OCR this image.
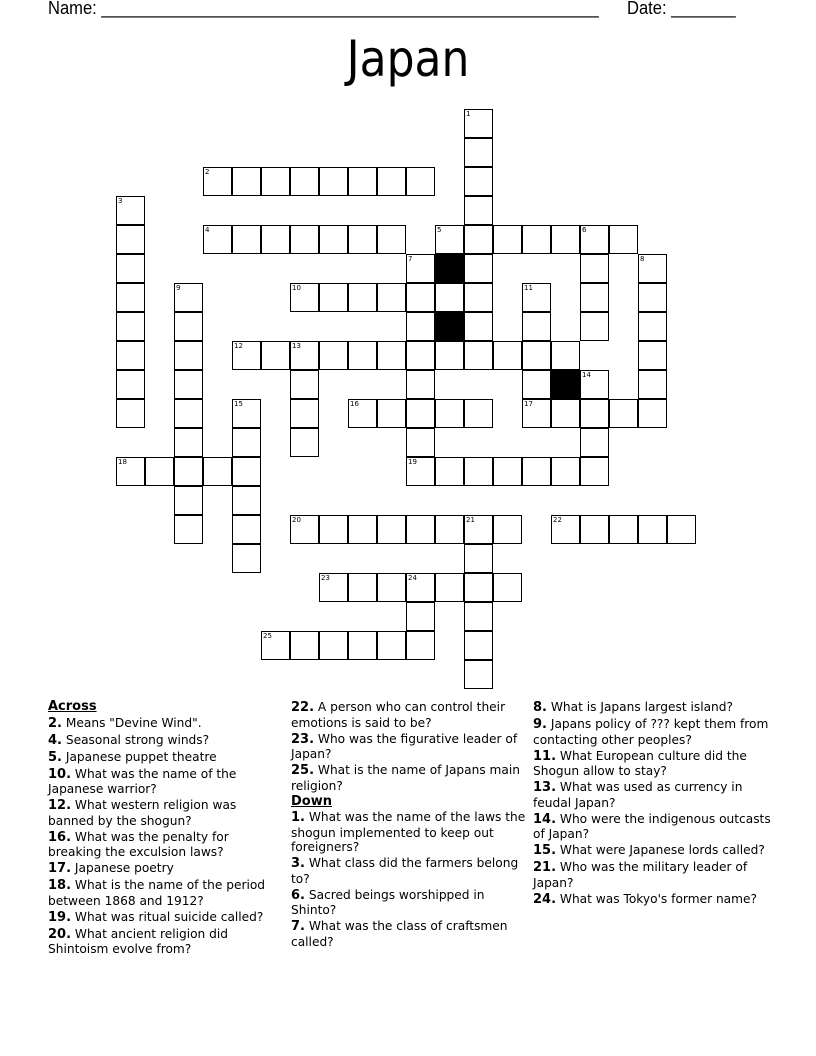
Name: ______________________________________________________ Date: _______
Japan
1
2
3
4	5	6
7
19
8
9	10	11
17
12	13
14
15	16
18
20	21	22
23	24
25
Across
2. Means "Devine Wind".
4. Seasonal strong winds?
5. Japanese puppet theatre
10. What was the name of the Japanese warrior?
12. What western religion was banned by the shogun?
16. What was the penalty for breaking the exculsion laws?
17. Japanese poetry
18. What is the name of the period between 1868 and 1912?
19. What was ritual suicide called?
20. What ancient religion did Shintoism evolve from?
22. A person who can control their emotions is said to be?
23. Who was the figurative leader of Japan?
25. What is the name of Japans main religion?
Down
1. What was the name of the laws the shogun implemented to keep out foreigners?
3. What class did the farmers belong to?
6. Sacred beings worshipped in Shinto?
7. What was the class of craftsmen called?
8. What is Japans largest island?
9. Japans policy of ??? kept them from contacting other peoples?
11. What European culture did the Shogun allow to stay?
13. What was used as currency in feudal Japan?
14. Who were the indigenous outcasts of Japan?
15. What were Japanese lords called?
21. Who was the military leader of Japan?
24. What was Tokyo's former name?
